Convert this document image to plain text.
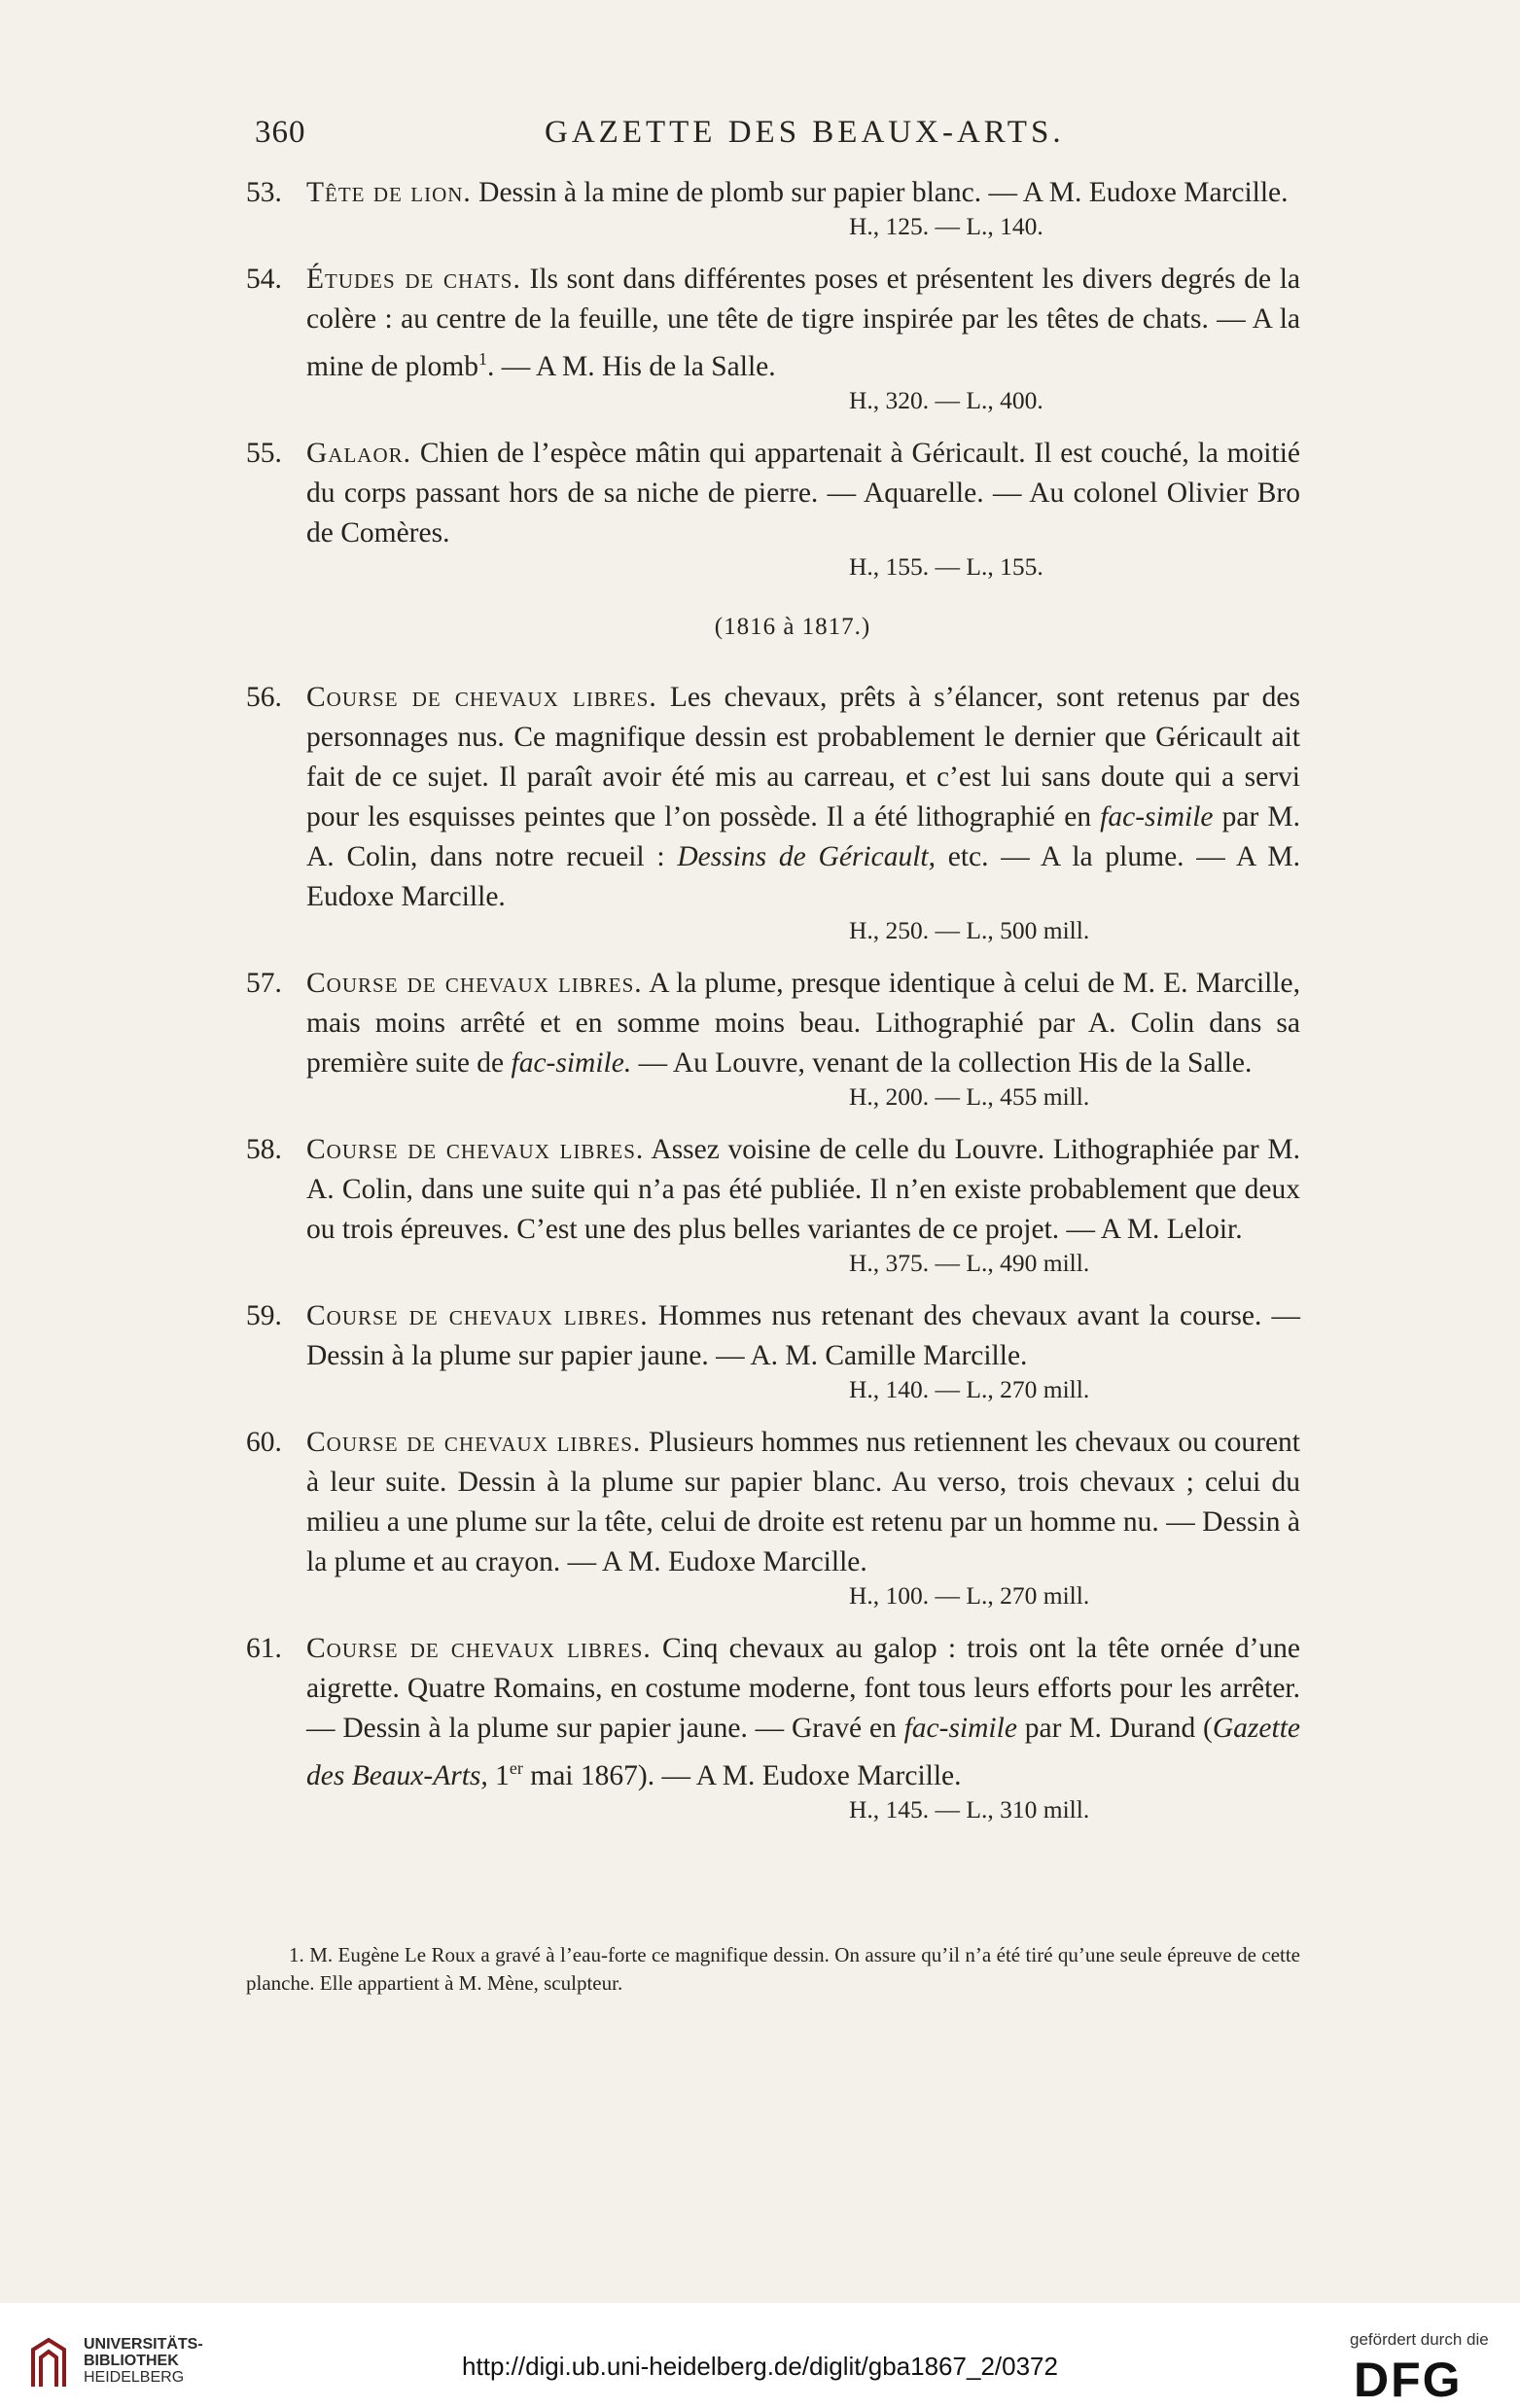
360	GAZETTE DES BEAUX-ARTS.
53. Tête de lion. Dessin à la mine de plomb sur papier blanc. — A M. Eudoxe Marcille.
H., 125. — L., 140.
54. Études de chats. Ils sont dans différentes poses et présentent les divers degrés de la colère : au centre de la feuille, une tête de tigre inspirée par les têtes de chats. — A la mine de plomb$^1$. — A M. His de la Salle.
H., 320. — L., 400.
55. Galaor. Chien de l’espèce mâtin qui appartenait à Géricault. Il est couché, la moitié du corps passant hors de sa niche de pierre. — Aquarelle. — Au colonel Olivier Bro de Comères.
H., 155. — L., 155.
(1816 à 1817.)
56. Course de chevaux libres. Les chevaux, prêts à s’élancer, sont retenus par des personnages nus. Ce magnifique dessin est probablement le dernier que Géricault ait fait de ce sujet. Il paraît avoir été mis au carreau, et c’est lui sans doute qui a servi pour les esquisses peintes que l’on possède. Il a été lithographié en fac-simile par M. A. Colin, dans notre recueil : Dessins de Géricault, etc. — A la plume. — A M. Eudoxe Marcille.
H., 250. — L., 500 mill.
57. Course de chevaux libres. A la plume, presque identique à celui de M. E. Marcille, mais moins arrêté et en somme moins beau. Lithographié par A. Colin dans sa première suite de fac-simile. — Au Louvre, venant de la collection His de la Salle.
H., 200. — L., 455 mill.
58. Course de chevaux libres. Assez voisine de celle du Louvre. Lithographiée par M. A. Colin, dans une suite qui n’a pas été publiée. Il n’en existe probablement que deux ou trois épreuves. C’est une des plus belles variantes de ce projet. — A M. Leloir.
H., 375. — L., 490 mill.
59. Course de chevaux libres. Hommes nus retenant des chevaux avant la course. — Dessin à la plume sur papier jaune. — A. M. Camille Marcille.
H., 140. — L., 270 mill.
60. Course de chevaux libres. Plusieurs hommes nus retiennent les chevaux ou courent à leur suite. Dessin à la plume sur papier blanc. Au verso, trois chevaux ; celui du milieu a une plume sur la tête, celui de droite est retenu par un homme nu. — Dessin à la plume et au crayon. — A M. Eudoxe Marcille.
H., 100. — L., 270 mill.
61. Course de chevaux libres. Cinq chevaux au galop : trois ont la tête ornée d’une aigrette. Quatre Romains, en costume moderne, font tous leurs efforts pour les arrêter. — Dessin à la plume sur papier jaune. — Gravé en fac-simile par M. Durand (Gazette des Beaux-Arts, 1er mai 1867). — A M. Eudoxe Marcille.
H., 145. — L., 310 mill.
1. M. Eugène Le Roux a gravé à l’eau-forte ce magnifique dessin. On assure qu’il n’a été tiré qu’une seule épreuve de cette planche. Elle appartient à M. Mène, sculpteur.
UNIVERSITÄTS-
BIBLIOTHEK
HEIDELBERG	http://digi.ub.uni-heidelberg.de/diglit/gba1867_2/0372
gefördert durch die
DFG
